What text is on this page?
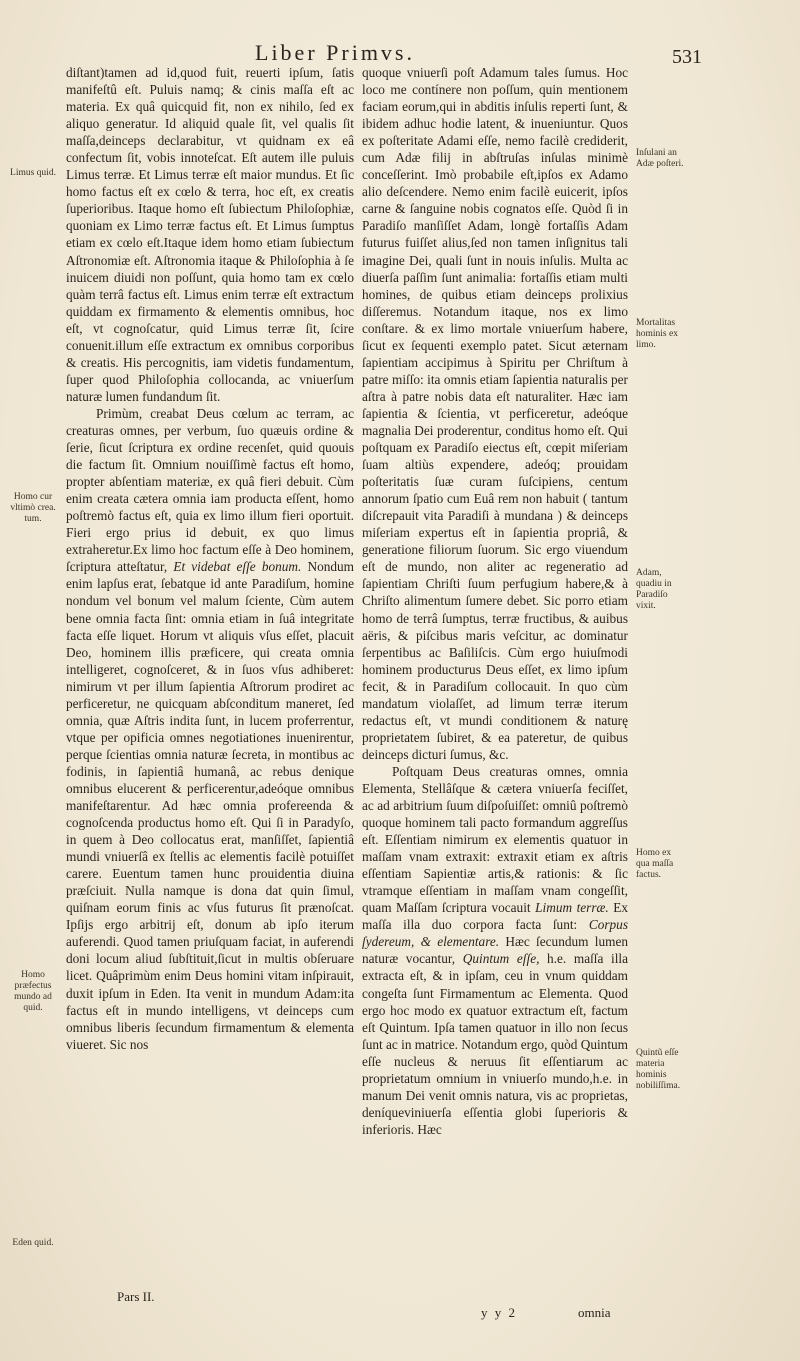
Liber Primvs.	531

diſtant)tamen ad id,quod fuit, reuerti ipſum, ſatis manifeſtû eſt. Puluis namq; & cinis maſſa eſt ac materia. Ex quâ quicquid fit, non ex nihilo, ſed ex aliquo generatur. Id aliquid quale ſit, vel qualis ſit maſſa,deinceps declarabitur, vt quidnam ex eâ confectum ſit, vobis innoteſcat. Eſt autem ille puluis Limus terræ. Et Limus terræ eſt maior mundus. Et ſic homo factus eſt ex cœlo & terra, hoc eſt, ex creatis ſuperioribus. Itaque homo eſt ſubiectum Philoſophiæ, quoniam ex Limo terræ factus eſt. Et Limus ſumptus etiam ex cœlo eſt.Itaque idem homo etiam ſubiectum Aſtronomiæ eſt. Aſtronomia itaque & Philoſophia à ſe inuicem diuidi non poſſunt, quia homo tam ex cœlo quàm terrâ factus eſt. Limus enim terræ eſt extractum quiddam ex firmamento & elementis omnibus, hoc eſt, vt cognoſcatur, quid Limus terræ ſit, ſcire conuenit.illum eſſe extractum ex omnibus corporibus & creatis. His percognitis, iam videtis fundamentum, ſuper quod Philoſophia collocanda, ac vniuerſum naturæ lumen fundandum ſit.

Primùm, creabat Deus cœlum ac terram, ac creaturas omnes, per verbum, ſuo quæuis ordine & ſerie, ſicut ſcriptura ex ordine recenſet, quid quouis die factum ſit. Omnium nouiſſimè factus eſt homo, propter abſentiam materiæ, ex quâ fieri debuit. Cùm enim creata cætera omnia iam producta eſſent, homo poſtremò factus eſt, quia ex limo illum fieri oportuit. Fieri ergo prius id debuit, ex quo limus extraheretur.Ex limo hoc factum eſſe à Deo hominem, ſcriptura atteſtatur, Et videbat eſſe bonum. Nondum enim lapſus erat, ſebatque id ante Paradiſum, homine nondum vel bonum vel malum ſciente, Cùm autem bene omnia facta ſint: omnia etiam in ſuâ integritate facta eſſe liquet. Horum vt aliquis vſus eſſet, placuit Deo, hominem illis præficere, qui creata omnia intelligeret, cognoſceret, & in ſuos vſus adhiberet: nimirum vt per illum ſapientia Aſtrorum prodiret ac perficeretur, ne quicquam abſconditum maneret, ſed omnia, quæ Aſtris indita ſunt, in lucem proferrentur, vtque per opificia omnes negotiationes inuenirentur, perque ſcientias omnia naturæ ſecreta, in montibus ac fodinis, in ſapientiâ humanâ, ac rebus denique omnibus elucerent & perficerentur,adeóque omnibus manifeſtarentur. Ad hæc omnia profereenda & cognoſcenda productus homo eſt. Qui ſi in Paradyſo, in quem à Deo collocatus erat, manſiſſet, ſapientiâ mundi vniuerſâ ex ſtellis ac elementis facilè potuiſſet carere. Euentum tamen hunc prouidentia diuina præſciuit. Nulla namque is dona dat quin ſimul, quiſnam eorum finis ac vſus futurus ſit prænoſcat. Ipſijs ergo arbitrij eſt, donum ab ipſo iterum auferendi. Quod tamen priuſquam faciat, in auferendi doni locum aliud ſubſtituit,ſicut in multis obſeruare licet. Quâprimùm enim Deus homini vitam inſpirauit, duxit ipſum in Eden. Ita venit in mundum Adam:ita factus eſt in mundo intelligens, vt deinceps cum omnibus liberis ſecundum firmamentum & elementa viueret. Sic nos

quoque vniuerſi poſt Adamum tales ſumus. Hoc loco me contínere non poſſum, quin mentionem faciam eorum,qui in abditis inſulis reperti ſunt, & ibidem adhuc hodie latent, & inueniuntur. Quos ex poſteritate Adami eſſe, nemo facilè crediderit, cum Adæ filij in abſtruſas inſulas minimè conceſſerint. Imò probabile eſt,ipſos ex Adamo alio deſcendere. Nemo enim facilè euicerit, ipſos carne & ſanguine nobis cognatos eſſe. Quòd ſi in Paradiſo manſiſſet Adam, longè fortaſſis Adam futurus fuiſſet alius,ſed non tamen inſignitus tali imagine Dei, quali ſunt in nouis inſulis. Multa ac diuerſa paſſim ſunt animalia: fortaſſis etiam multi homines, de quibus etiam deinceps prolixius diſſeremus. Notandum itaque, nos ex limo conſtare. & ex limo mortale vniuerſum habere, ſicut ex ſequenti exemplo patet. Sicut æternam ſapientiam accipimus à Spiritu per Chriſtum à patre miſſo: ita omnis etiam ſapientia naturalis per aſtra à patre nobis data eſt naturaliter. Hæc iam ſapientia & ſcientia, vt perficeretur, adeóque magnalia Dei proderentur, conditus homo eſt. Qui poſtquam ex Paradiſo eiectus eſt, cœpit miſeriam ſuam altiùs expendere, adeóq; prouidam poſteritatis ſuæ curam ſuſcipiens, centum annorum ſpatio cum Euâ rem non habuit ( tantum diſcrepauit vita Paradiſi à mundana ) & deinceps miſeriam expertus eſt in ſapientia propriâ, & generatione filiorum ſuorum. Sic ergo viuendum eſt de mundo, non aliter ac regeneratio ad ſapientiam Chriſti ſuum perfugium habere,& à Chriſto alimentum ſumere debet. Sic porro etiam homo de terrâ ſumptus, terræ fructibus, & auibus aëris, & piſcibus maris veſcitur, ac dominatur ſerpentibus ac Baſiliſcis. Cùm ergo huiuſmodi hominem producturus Deus eſſet, ex limo ipſum fecit, & in Paradiſum collocauit. In quo cùm mandatum violaſſet, ad limum terræ iterum redactus eſt, vt mundi conditionem & naturę proprietatem ſubiret, & ea pateretur, de quibus deinceps dicturi ſumus, &c.

Poſtquam Deus creaturas omnes, omnia Elementa, Stellâſque & cætera vniuerſa feciſſet, ac ad arbitrium ſuum diſpoſuiſſet: omniû poſtremò quoque hominem tali pacto formandum aggreſſus eſt. Eſſentiam nimirum ex elementis quatuor in maſſam vnam extraxit: extraxit etiam ex aſtris eſſentiam Sapientiæ artis,& rationis: & ſic vtramque eſſentiam in maſſam vnam congeſſit, quam Maſſam ſcriptura vocauit Limum terræ. Ex maſſa illa duo corpora facta ſunt: Corpus ſydereum, & elementare. Hæc ſecundum lumen naturæ vocantur, Quintum eſſe, h.e. maſſa illa extracta eſt, & in ipſam, ceu in vnum quiddam congeſta ſunt Firmamentum ac Elementa. Quod ergo hoc modo ex quatuor extractum eſt, factum eſt Quintum. Ipſa tamen quatuor in illo non ſecus ſunt ac in matrice. Notandum ergo, quòd Quintum eſſe nucleus & neruus ſit eſſentiarum ac proprietatum omnium in vniuerſo mundo,h.e. in manum Dei venit omnis natura, vis ac proprietas, deníqueviniuerſa eſſentia globi ſuperioris & inferioris. Hæc

Limus quid.
Homo cur vltimò crea. tum.
Homo præfectus mundo ad quid.
Eden quid.
Inſulani an Adæ poſteri.
Mortalitas hominis ex limo.
Adam, quadiu in Paradiſo vixit.
Homo ex qua maſſa factus.
Quintũ eſſe materia hominis nobiliſſima.
Pars II.
y y 2	omnia
